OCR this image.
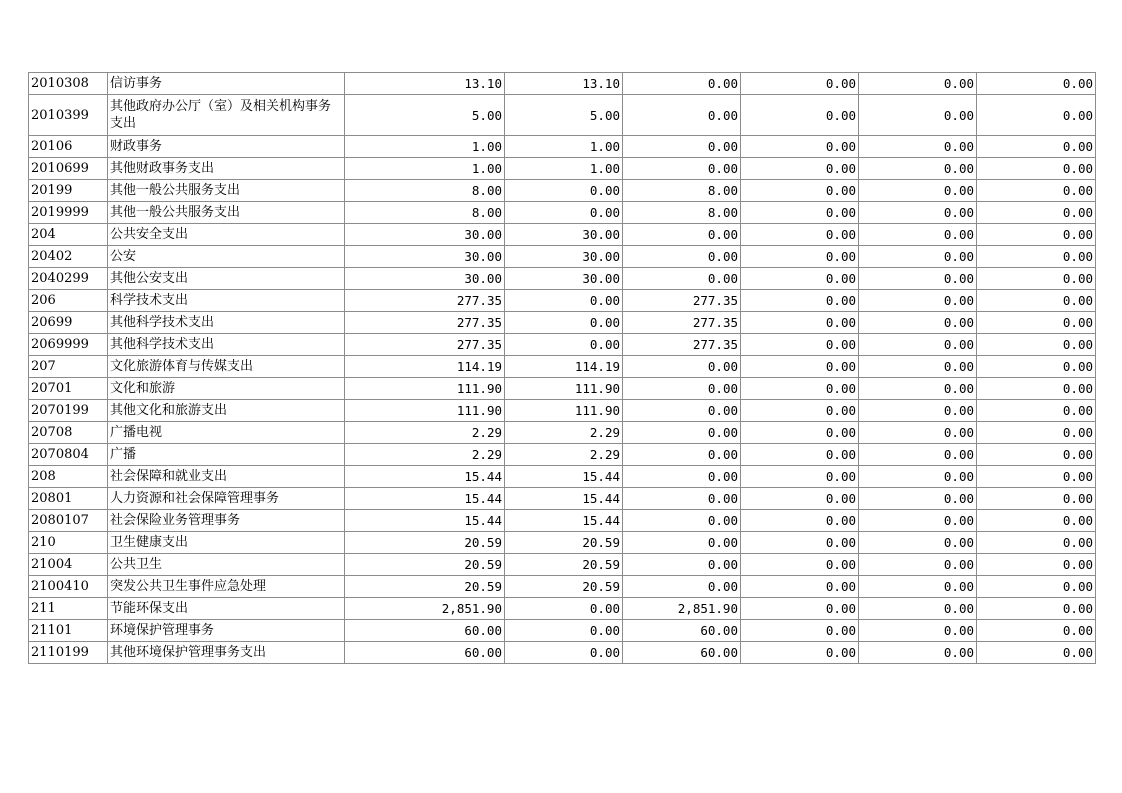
2010308	信访事务	13.10	13.10	0.00	0.00	0.00	0.00
2010399	其他政府办公厅（室）及相关机构事务支出	5.00	5.00	0.00	0.00	0.00	0.00
20106	财政事务	1.00	1.00	0.00	0.00	0.00	0.00
2010699	其他财政事务支出	1.00	1.00	0.00	0.00	0.00	0.00
20199	其他一般公共服务支出	8.00	0.00	8.00	0.00	0.00	0.00
2019999	其他一般公共服务支出	8.00	0.00	8.00	0.00	0.00	0.00
204	公共安全支出	30.00	30.00	0.00	0.00	0.00	0.00
20402	公安	30.00	30.00	0.00	0.00	0.00	0.00
2040299	其他公安支出	30.00	30.00	0.00	0.00	0.00	0.00
206	科学技术支出	277.35	0.00	277.35	0.00	0.00	0.00
20699	其他科学技术支出	277.35	0.00	277.35	0.00	0.00	0.00
2069999	其他科学技术支出	277.35	0.00	277.35	0.00	0.00	0.00
207	文化旅游体育与传媒支出	114.19	114.19	0.00	0.00	0.00	0.00
20701	文化和旅游	111.90	111.90	0.00	0.00	0.00	0.00
2070199	其他文化和旅游支出	111.90	111.90	0.00	0.00	0.00	0.00
20708	广播电视	2.29	2.29	0.00	0.00	0.00	0.00
2070804	广播	2.29	2.29	0.00	0.00	0.00	0.00
208	社会保障和就业支出	15.44	15.44	0.00	0.00	0.00	0.00
20801	人力资源和社会保障管理事务	15.44	15.44	0.00	0.00	0.00	0.00
2080107	社会保险业务管理事务	15.44	15.44	0.00	0.00	0.00	0.00
210	卫生健康支出	20.59	20.59	0.00	0.00	0.00	0.00
21004	公共卫生	20.59	20.59	0.00	0.00	0.00	0.00
2100410	突发公共卫生事件应急处理	20.59	20.59	0.00	0.00	0.00	0.00
211	节能环保支出	2,851.90	0.00	2,851.90	0.00	0.00	0.00
21101	环境保护管理事务	60.00	0.00	60.00	0.00	0.00	0.00
2110199	其他环境保护管理事务支出	60.00	0.00	60.00	0.00	0.00	0.00
